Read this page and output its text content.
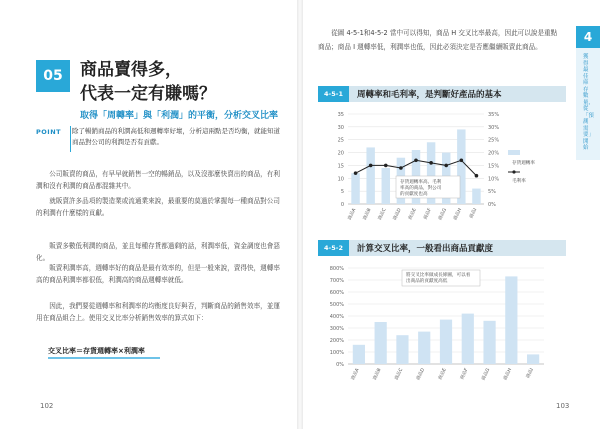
05	商品賣得多，
代表一定有賺嗎？
取得「周轉率」與「利潤」的平衡，分析交叉比率
POINT 除了暢銷商品的利潤高低和週轉率好壞，分析這兩點是否均衡，就能知道商品對公司的利潤是否有貢獻。
公司販賣的商品，有早早就銷售一空的暢銷品，以及沒那麼快賣出的商品，有利潤和沒有利潤的商品都混雜其中。
就販賣許多品項的製造業或流通業來說，最重要的莫過於掌握每一種商品對公司的利潤有什麼樣的貢獻。
販賣多數低利潤的商品，並且每種存貨都過剩的話，利潤率低，資金調度也會惡化。
販賣利潤率高，週轉率好的商品是最有效率的，但是一般來說，賣得快，週轉率高的商品利潤率都很低，利潤高的商品週轉率就低。
因此，我們要從週轉率和利潤率的均衡度良好與否，判斷商品的銷售效率，並運用在商品組合上。使用交叉比率分析銷售效率的算式如下：
交叉比率＝存貨週轉率×利潤率
102
從圖 4-5-1和4-5-2 當中可以得知，商品 H 交叉比率最高，因此可以說是重點商品；商品 I 週轉率低，利潤率也低，因此必須決定是否應繼續販賣此商品。
4-5-1	周轉率和毛利率，是判斷好產品的基本
0	0%
5	5%
10	10%
15	15%
20	20%
25	25%
30	30%
35	35%
商品A	商品B	商品C	商品D	商品E	商品F	商品G	商品H	商品I
存貨週轉率高、毛利率高的商品，對公司的貢獻度也高
存貨週轉率
毛利率
4-5-2	計算交叉比率，一般看出商品貢獻度
0%
100%
200%
300%
400%
500%
600%
700%
800%
商品A	商品B	商品C	商品D	商品E	商品F	商品G	商品H	商品I
將交叉比率做成長條圖，可以看出商品的貢獻度高低
103
4
獲得最佳庫存數量，從「預測需要」開始
